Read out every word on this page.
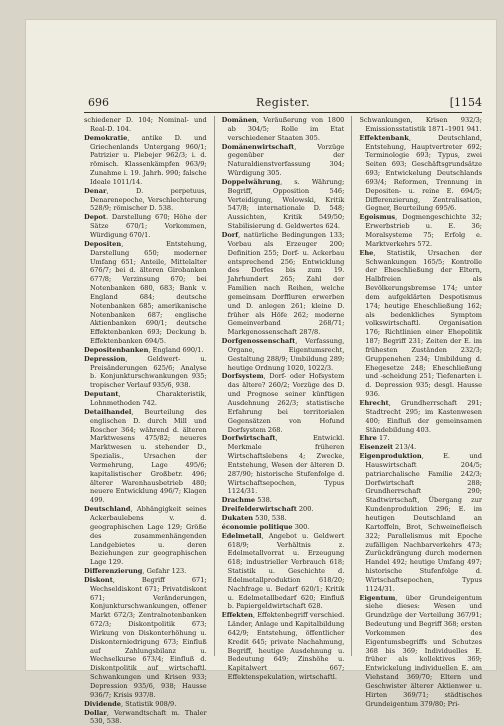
696	Register.	[1154

schiedener D. 104; Nominal- und Real-D. 104.

Demokratie, antike D. und Griechenlands Untergang 960/1; Patrizier u. Plebejer 962/3; i. d. römisch. Klassenkämpfen 963/9; Zunahme i. 19. Jahrh. 990; falsche Ideale 1011/14.

Denar, D. perpetuus, Denarenepoche, Verschlechterung 528/9; römischer D. 538.

Depot. Darstellung 670; Höhe der Sätze 670/1; Vorkommen, Würdigung 670/1.

Depositen, Entstehung, Darstellung 650; moderner Umfang 651; Anteile, Mittelalter 676/7; bei d. älteren Girobanken 677/8; Verzinsung 670; bei Notenbanken 680, 683; Bank v. England 684; deutsche Notenbanken 685; amerikanische Notenbanken 687; englische Aktienbanken 690/1; deutsche Effektenbanken 693; Deckung b. Effektenbanken 694/5.

Depositenbanken, England 690/1.

Depression, Geldwert- u. Preisänderungen 625/6; Analyse b. Konjunkturschwankungen 935; tropischer Verlauf 935/6, 938.

Deputant, Charakteristik, Lohnmethoden 742.

Detailhandel, Beurteilung des englischen D. durch Mill und Roscher 364; während d. älteren Marktwesens 475/82; neueres Marktwesen u. stehender D., Spezialis., Ursachen der Vermehrung, Lage 495/6; kapitalistischer Großbetr. 496; älterer Warenhausbetrieb 480; neuere Entwicklung 496/7; Klagen 499.

Deutschland, Abhängigkeit seines Ackerbaulebens v. d. geographischen Lage 129; Größe des zusammenhängenden Landgebietes u. deren Beziehungen zur geographischen Lage 129.

Differenzierung, Gefahr 123.

Diskont, Begriff 671; Wechseldiskont 671; Privatdiskont 671; Veränderungen, Konjunkturschwankungen, offener Markt 672/3; Zentralnotenbanken 672/3; Diskontpolitik 673; Wirkung von Diskonterhöhung u. Diskonterniedrigung 673; Einfluß auf Zahlungsbilanz u. Wechselkurse 673/4; Einfluß d. Diskontpolitik auf wirtschaftl. Schwankungen und Krisen 933; Depression 935/6, 938; Hausse 936/7; Krisis 937/8.

Dividende, Statistik 908/9.

Dollar, Verwandtschaft m. Thaler 530, 538.

Domänen, Veräußerung von 1800 ab 304/5; Rolle im Etat verschiedener Staaten 305.

Domänenwirtschaft, Vorzüge gegenüber der Naturaldienstverfassung 304; Würdigung 305.

Doppelwährung, s. Währung; Begriff, Opposition 546; Verteidigung, Wolowski, Kritik 547/8; internationale D. 548; Aussichten, Kritik 549/50; Stabilisierung d. Geldwertes 624.

Dorf, natürliche Bedingungen 133; Vorbau als Erzeuger 200; Definition 255; Dorf- u. Ackerbau entsprechend 256; Entwicklung des Dorfes bis zum 19. Jahrhundert 265; Zahl der Familien nach Reihen, welche gemeinsam Dorffluren erwerben und D. anlegen 261; kleine D. früher als Höfe 262; moderne Gemeinverband 268/71; Markgenossenschaft 287/8.

Dorfgenossenschaft, Verfassung, Organe, Eigentumsrecht, Gestaltung 288/9; Umbildung 289; heutige Ordnung 1020, 1022/3.

Dorfsystem, Dorf- oder Hofsystem das ältere? 260/2; Vorzüge des D. und Prognose seiner künftigen Ausdehnung 262/3; statistische Erfahrung bei territorialen Gegensätzen von Hofund Dorfsystem 268.

Dorfwirtschaft, Entwickl. Merkmale früheren Wirtschaftslebens 4; Zwecke, Entstehung, Wesen der älteren D. 287/90; historische Stufenfolge d. Wirtschaftsepochen, Typus 1124/31.

Drachme 538.

Dreifelderwirtschaft 200.

Dukaten 530, 538.

économie politique 300.

Edelmetall, Angebot u. Geldwert 618/9; Verhältnis z. Edelmetallvorrat u. Erzeugung 618; industrieller Verbrauch 618; Statistik u. Geschichte d. Edelmetallproduktion 618/20; Nachfrage u. Bedarf 620/1; Kritik u. Edelmetallbedarf 620; Einfluß b. Papiergeldwirtschaft 628.

Effekten, Effektenbegriff verschied. Länder, Anlage und Kapitalbildung 642/9; Entstehung, öffentlicher Kredit 645; private Nachahmung, Begriff, heutige Ausdehnung u. Bedeutung 649; Zinshöhe u. Kapitalwert 667; Effektenspekulation, wirtschaftl.

Schwankungen, Krisen 932/3; Emissionsstatistik 1871–1901 941.

Effektenbank, Deutschland, Entstehung, Hauptvertreter 692; Terminologie 693; Typus, zwei Seiten 693; Geschäftsgrundsätze 693; Entwickelung Deutschlands 693/4; Reformen, Trennung in Depositen- u. reine E. 694/5; Differenzierung, Zentralisation, Gegner, Beurteilung 695/6.

Egoismus, Dogmengeschichte 32; Erwerbstrieb u. E. 36; Moralsysteme 75; Erfolg e. Marktverkehrs 572.

Ehe, Statistik, Ursachen der Schwankungen 165/5; Kontrolle der Eheschließung der Eltern, Halbfreien als Bevölkerungsbremse 174; unter dem aufgeklärten Despotismus 174; heutige Eheschließung 162; als bedenkliches Symptom volkswirtschaftl. Organisation 176; Richtlinien einer Ehepolitik 187; Begriff 231; Zeiten der E. im frühesten Zuständen 232/3; Gruppenehen 234; Umbildung d. Ehegesetze 248; Eheschließung und -scheidung 251; Tiefenarten i. d. Depression 935; desgl. Hausse 936.

Ehrecht, Grundherrschaft 291; Stadtrecht 295; im Kastenwesen 400; Einfluß der gemeinsamen Ständebildung 403.

Ehre 17.

Eisenzeit 213/4.

Eigenproduktion, E. und Hauswirtschaft 204/5; patriarchalische Familie 242/3; Dorfwirtschaft 288; Grundherrschaft 290; Stadtwirtschaft, Übergang zur Kundenproduktion 296; E. im heutigen Deutschland an Kartoffeln, Brot, Schweinefleisch 322; Parallelismus mit Epoche zufälligen Nachbarverkehrs 473; Zurückdrängung durch modernen Handel 492; heutige Umfang 497; historische Stufenfolge d. Wirtschaftsepochen, Typus 1124/31.

Eigentum, über Grundeigentum siehe dieses: Wesen und Grundzüge der Verteilung 367/91; Bedeutung und Begriff 368; ersten Vorkommen des Eigentumsbegriffs und Schutzes 368 bis 369; Individuelles E. früher als kollektives 369; Entwickelung individuellen E. am Viehstand 369/70; Eltern und Geschwister älterer Aktienwer u. Hirten 369/71; städtisches Grundeigentum 379/80; Pri-
